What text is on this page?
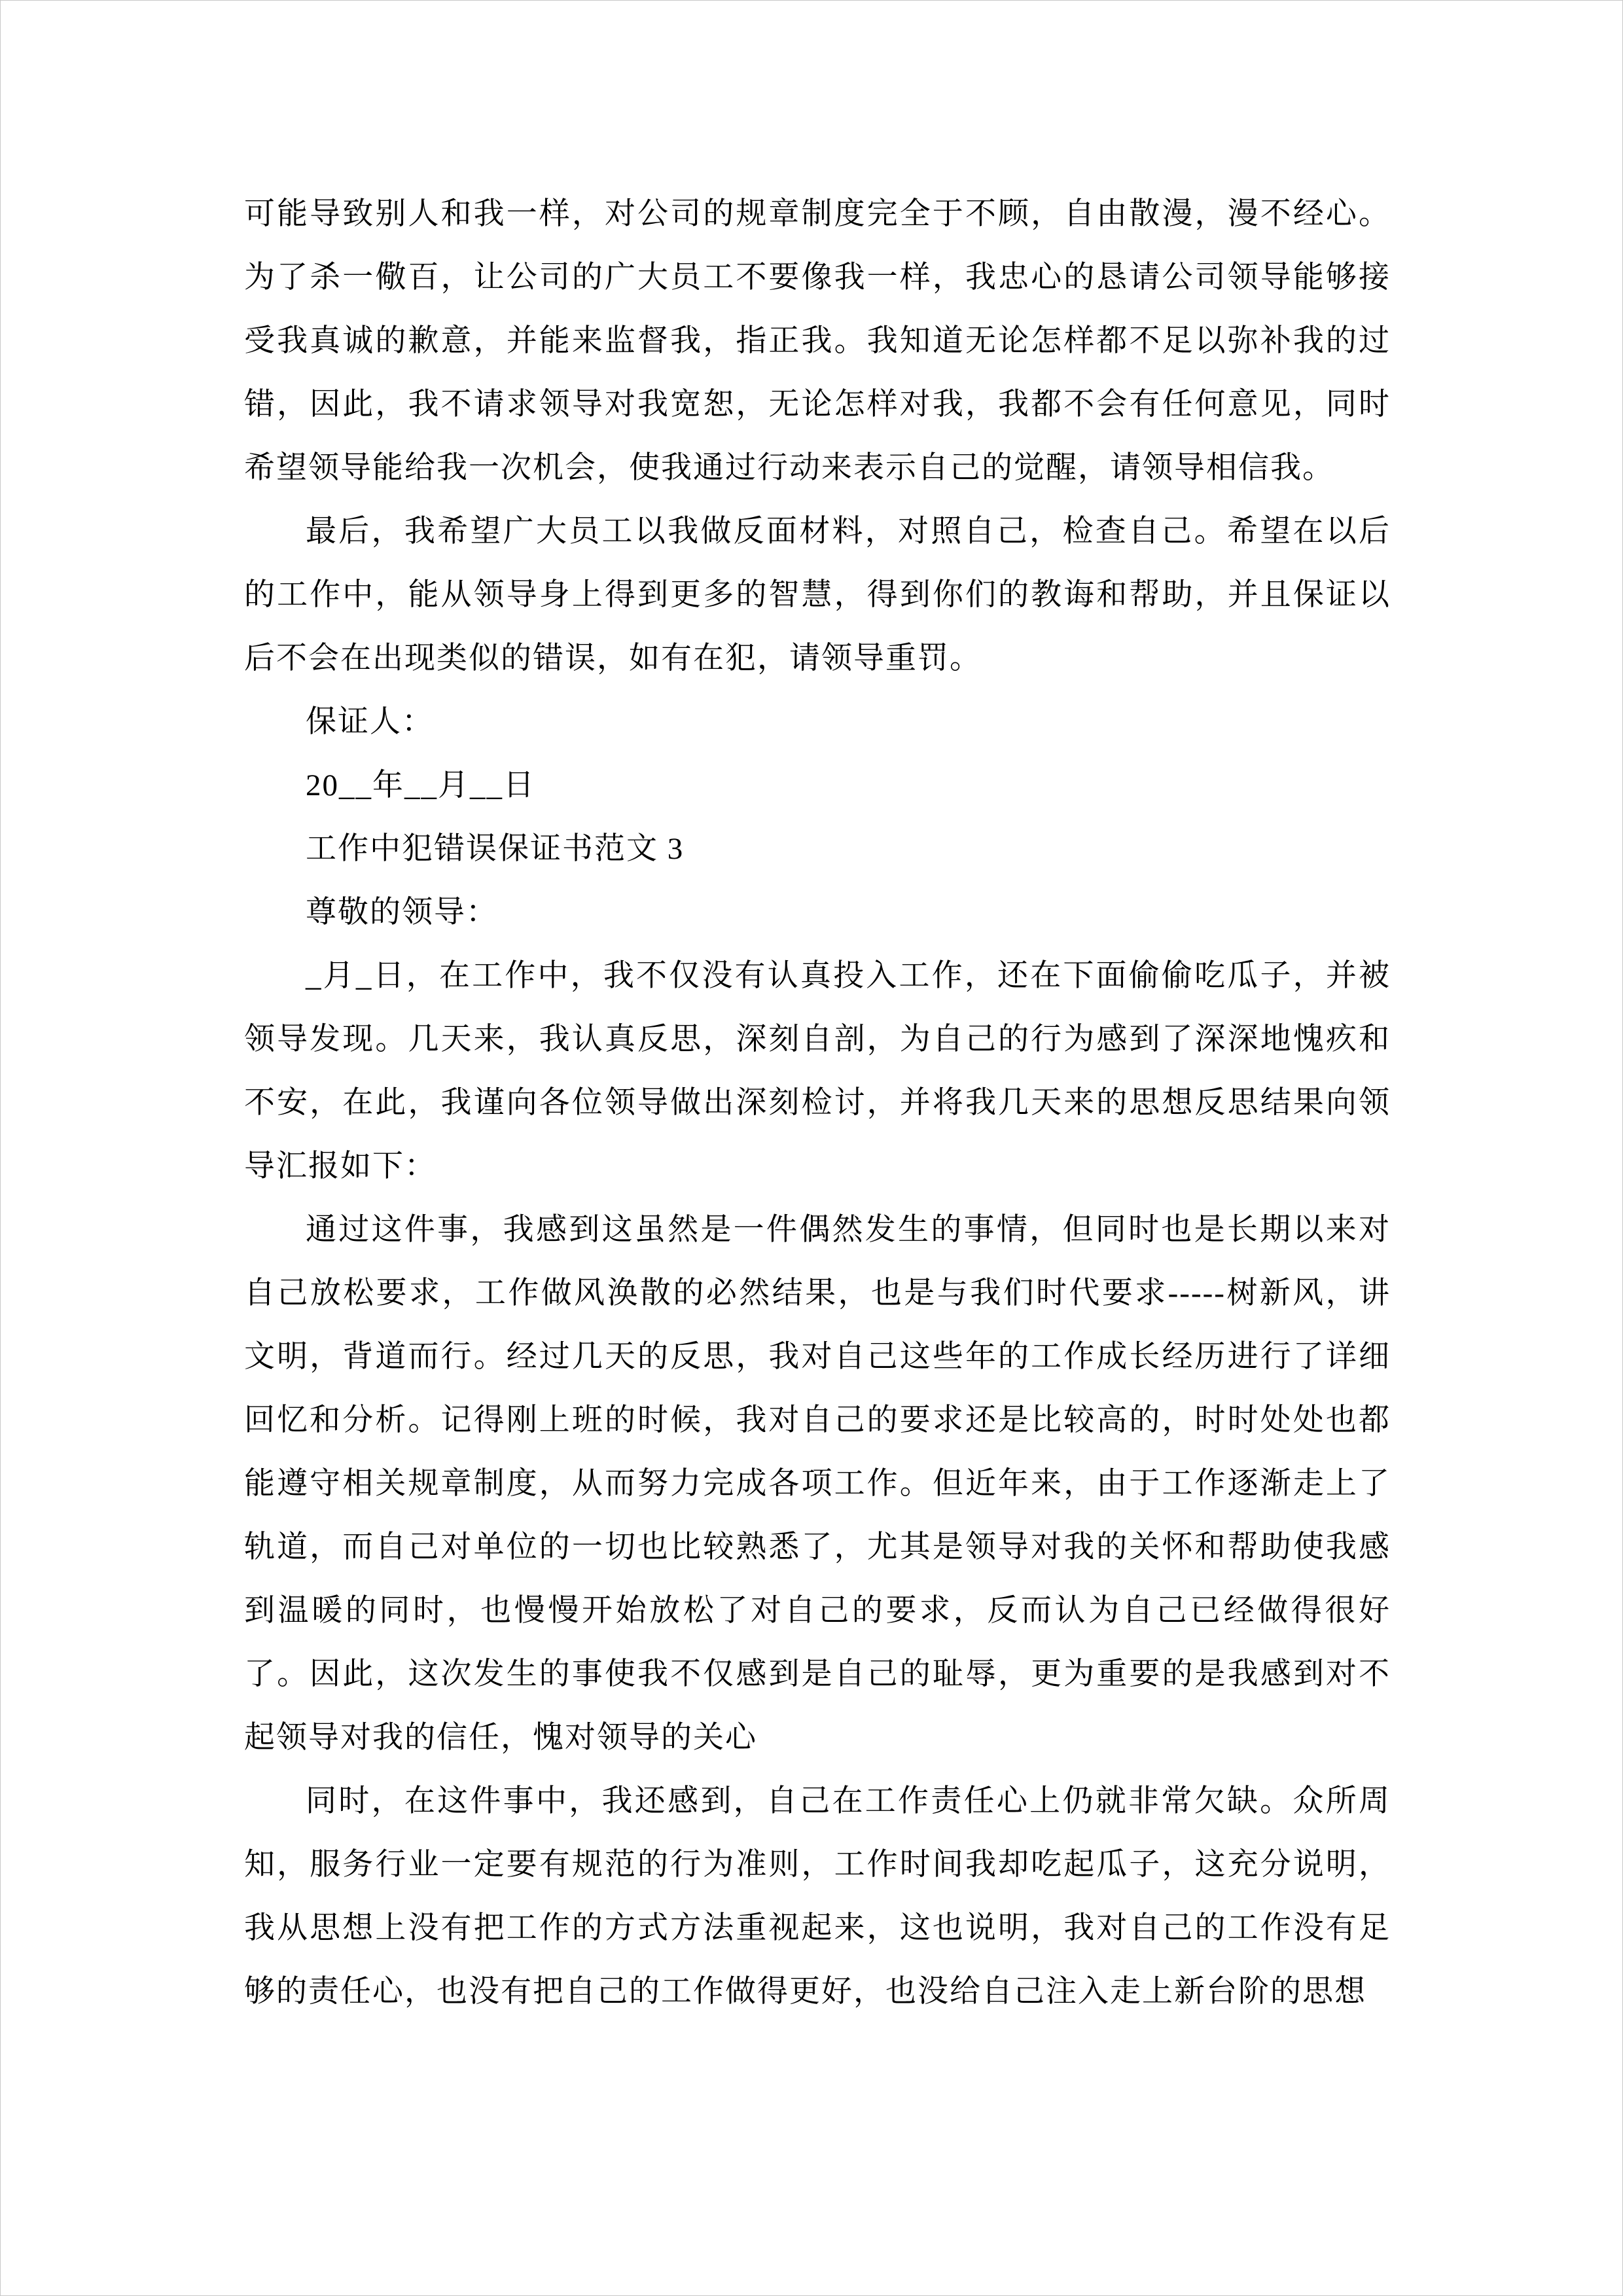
可能导致别人和我一样，对公司的规章制度完全于不顾，自由散漫，漫不经心。为了杀一儆百，让公司的广大员工不要像我一样，我忠心的恳请公司领导能够接受我真诚的歉意，并能来监督我，指正我。我知道无论怎样都不足以弥补我的过错，因此，我不请求领导对我宽恕，无论怎样对我，我都不会有任何意见，同时希望领导能给我一次机会，使我通过行动来表示自己的觉醒，请领导相信我。

最后，我希望广大员工以我做反面材料，对照自己，检查自己。希望在以后的工作中，能从领导身上得到更多的智慧，得到你们的教诲和帮助，并且保证以后不会在出现类似的错误，如有在犯，请领导重罚。

保证人：

20__年__月__日

工作中犯错误保证书范文 3

尊敬的领导：

_月_日，在工作中，我不仅没有认真投入工作，还在下面偷偷吃瓜子，并被领导发现。几天来，我认真反思，深刻自剖，为自己的行为感到了深深地愧疚和不安，在此，我谨向各位领导做出深刻检讨，并将我几天来的思想反思结果向领导汇报如下：

通过这件事，我感到这虽然是一件偶然发生的事情，但同时也是长期以来对自己放松要求，工作做风涣散的必然结果，也是与我们时代要求-----树新风，讲文明，背道而行。经过几天的反思，我对自己这些年的工作成长经历进行了详细回忆和分析。记得刚上班的时候，我对自己的要求还是比较高的，时时处处也都能遵守相关规章制度，从而努力完成各项工作。但近年来，由于工作逐渐走上了轨道，而自己对单位的一切也比较熟悉了，尤其是领导对我的关怀和帮助使我感到温暖的同时，也慢慢开始放松了对自己的要求，反而认为自己已经做得很好了。因此，这次发生的事使我不仅感到是自己的耻辱，更为重要的是我感到对不起领导对我的信任，愧对领导的关心

同时，在这件事中，我还感到，自己在工作责任心上仍就非常欠缺。众所周知，服务行业一定要有规范的行为准则，工作时间我却吃起瓜子，这充分说明，我从思想上没有把工作的方式方法重视起来，这也说明，我对自己的工作没有足够的责任心，也没有把自己的工作做得更好，也没给自己注入走上新台阶的思想
